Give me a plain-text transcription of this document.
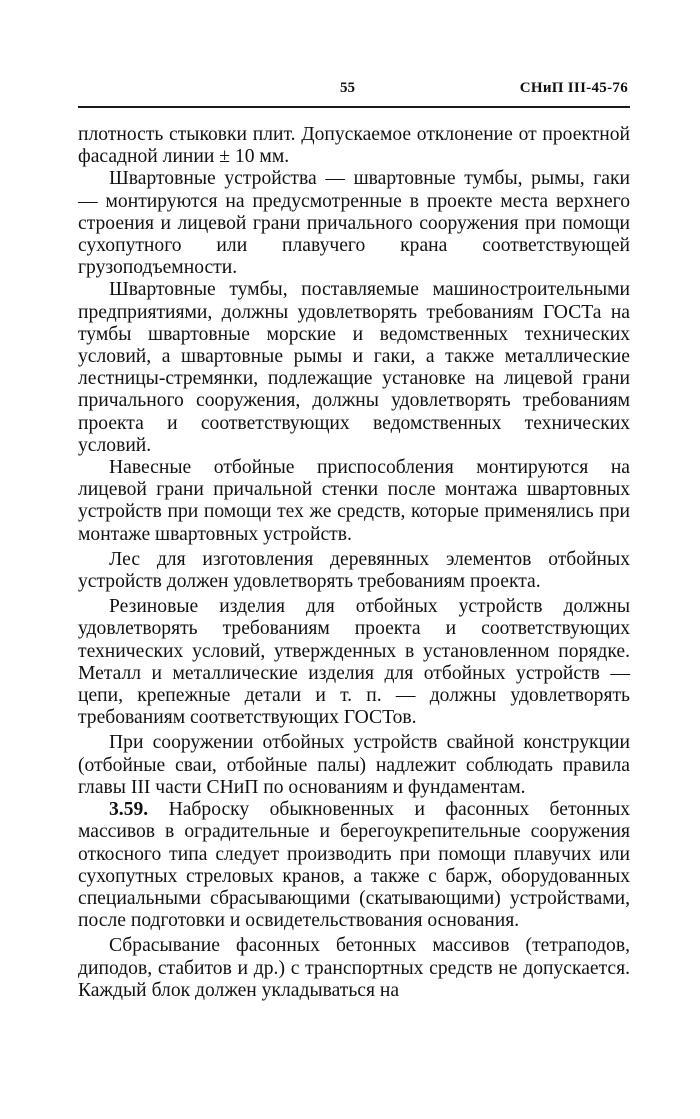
55	СНиП III-45-76

плотность стыковки плит. Допускаемое отклонение от проектной фасадной линии ± 10 мм.

Швартовные устройства — швартовные тумбы, рымы, гаки — монтируются на предусмотренные в проекте места верхнего строения и лицевой грани причального сооружения при помощи сухопутного или плавучего крана соответствующей грузоподъемности.

Швартовные тумбы, поставляемые машиностроительными предприятиями, должны удовлетворять требованиям ГОСТа на тумбы швартовные морские и ведомственных технических условий, а швартовные рымы и гаки, а также металлические лестницы-стремянки, подлежащие установке на лицевой грани причального сооружения, должны удовлетворять требованиям проекта и соответствующих ведомственных технических условий.

Навесные отбойные приспособления монтируются на лицевой грани причальной стенки после монтажа швартовных устройств при помощи тех же средств, которые применялись при монтаже швартовных устройств.

Лес для изготовления деревянных элементов отбойных устройств должен удовлетворять требованиям проекта.

Резиновые изделия для отбойных устройств должны удовлетворять требованиям проекта и соответствующих технических условий, утвержденных в установленном порядке. Металл и металлические изделия для отбойных устройств — цепи, крепежные детали и т. п. — должны удовлетворять требованиям соответствующих ГОСТов.

При сооружении отбойных устройств свайной конструкции (отбойные сваи, отбойные палы) надлежит соблюдать правила главы III части СНиП по основаниям и фундаментам.

3.59. Наброску обыкновенных и фасонных бетонных массивов в оградительные и берегоукрепительные сооружения откосного типа следует производить при помощи плавучих или сухопутных стреловых кранов, а также с барж, оборудованных специальными сбрасывающими (скатывающими) устройствами, после подготовки и освидетельствования основания.

Сбрасывание фасонных бетонных массивов (тетраподов, диподов, стабитов и др.) с транспортных средств не допускается. Каждый блок должен укладываться на
